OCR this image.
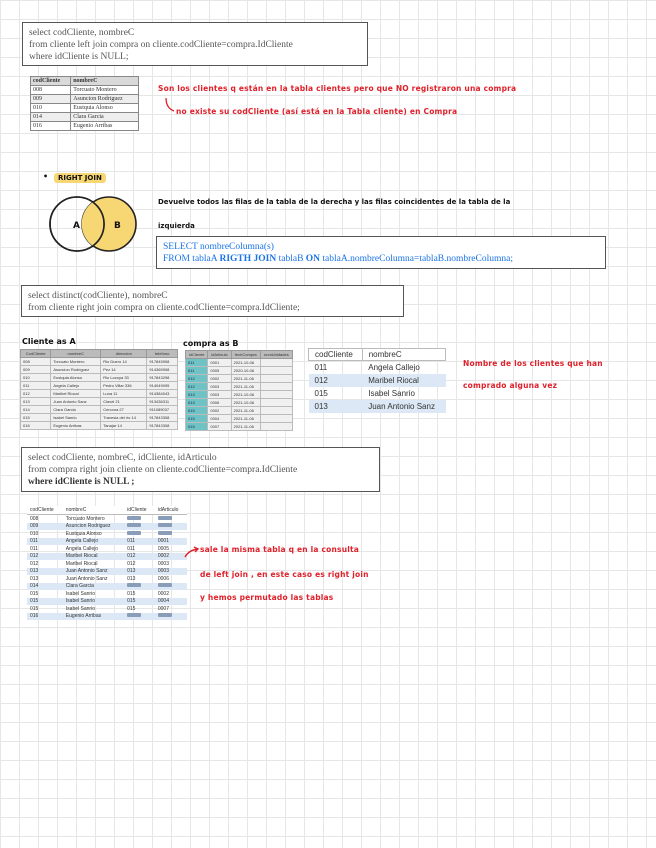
select codCliente, nombreC
from cliente left join compra on cliente.codCliente=compra.IdCliente
where idCliente is NULL;
codCliente	nombreC
008	Torcuato Montero
009	Asuncion Rodriguez
010	Eustquia Alonso
014	Clara Garcia
016	Eugenio Arribas
Son los clientes q están en la tabla clientes pero que NO registraron una compra
no existe su codCliente (así está en la Tabla cliente) en Compra
•	RIGHT JOIN
A	B
Devuelve todos las filas de la tabla de la derecha y las filas coincidentes de la tabla de la
izquierda
SELECT nombreColumna(s)
FROM tablaA RIGTH JOIN tablaB ON tablaA.nombreColumna=tablaB.nombreColumna;
select distinct(codCliente), nombreC
from cliente right join compra on cliente.codCliente=compra.IdCliente;
Cliente as A	compra as B
CodCliente	nombreC	direccion	telefono
008	Torcuato Montero	Rio Duero 14	917845908
009	Asuncion Rodriguez	Pez 14	914365908
010	Eustquia Alonso	Rio Lozoya 33	917843298
011	Angela Callejo	Pedro Villar 336	914049095
012	Maribel Riocal	Luna 11	914384043
013	Juan Antonio Sanz	Clavel 21	913436311
014	Clara Garcia	Cercona 27	911089037
015	Isabel Sanrio	Travesia del rio 14	917843308
016	Eugenio Arribas	Tanajar 14	917843308
idCliente	idArticulo	fechCompra	numUnidades
011	0001	2021-10-06	
011	0005	2020-10-06	
012	0002	2021-11-06	
012	0003	2021-11-06	
013	0003	2021-10-06	
013	0006	2021-10-06	
015	0002	2021-11-06	
015	0004	2021-11-06	
015	0007	2021-11-06	
codCliente	nombreC
011	Angela Callejo
012	Maribel Riocal
015	Isabel Sanrio
013	Juan Antonio Sanz
Nombre de los clientes que han
comprado alguna vez
select codCliente, nombreC, idCliente, idArticulo
from compra right join cliente on cliente.codCliente=compra.IdCliente
where idCliente is NULL ;
codCliente	nombreC	idCliente	idArticulo
008	Torcuato Montero		
009	Asuncion Rodriguez		
010	Eustquia Alonso		
011	Angela Callejo	011	0001
011	Angela Callejo	011	0005
012	Maribel Riocal	012	0002
012	Maribel Riocal	012	0003
013	Juan Antonio Sanz	013	0003
013	Juan Antonio Sanz	013	0006
014	Clara Garcia		
015	Isabel Sanrio	015	0002
015	Isabel Sanrio	015	0004
015	Isabel Sanrio	015	0007
016	Eugenio Arribas		
sale la misma tabla q en la consulta
de left join , en este caso es right join
y hemos permutado las tablas
